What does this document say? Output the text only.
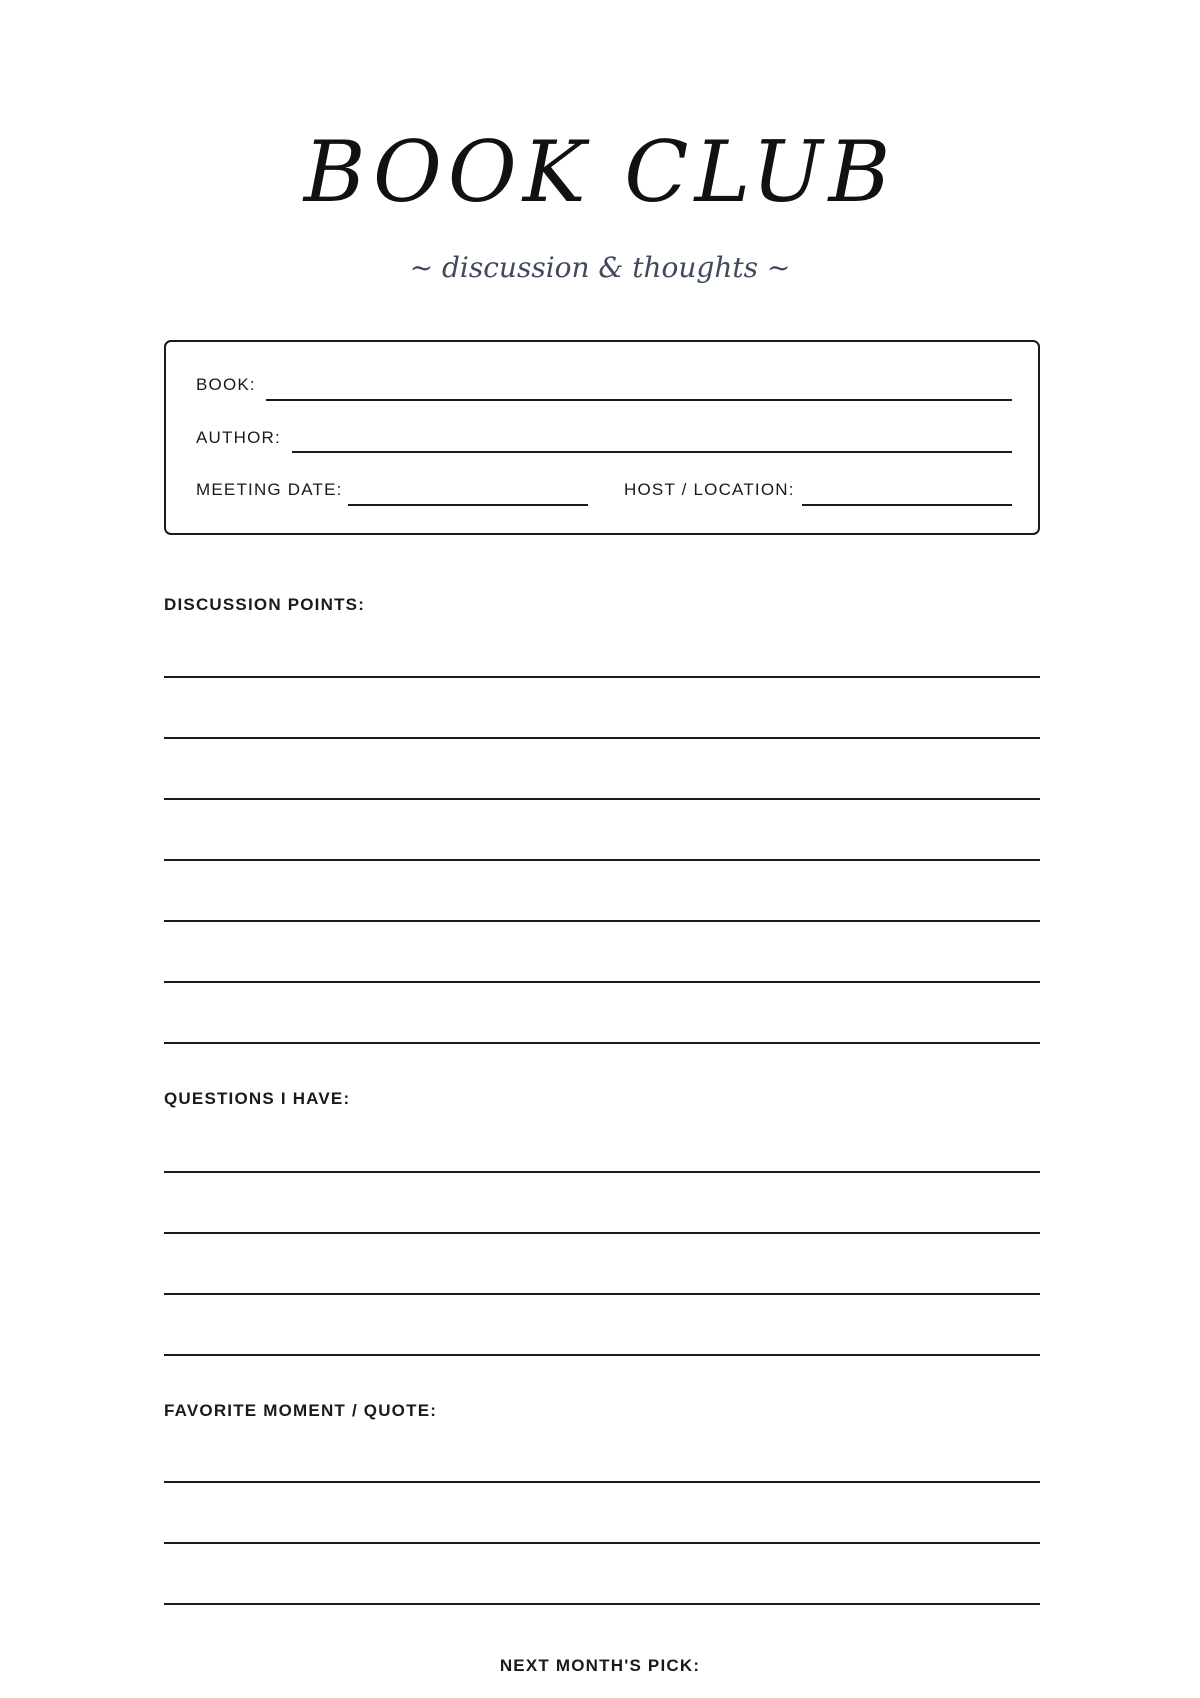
BOOK CLUB
~ discussion & thoughts ~
BOOK:
AUTHOR:
MEETING DATE:	HOST / LOCATION:
DISCUSSION POINTS:
QUESTIONS I HAVE:
FAVORITE MOMENT / QUOTE:
NEXT MONTH'S PICK:
